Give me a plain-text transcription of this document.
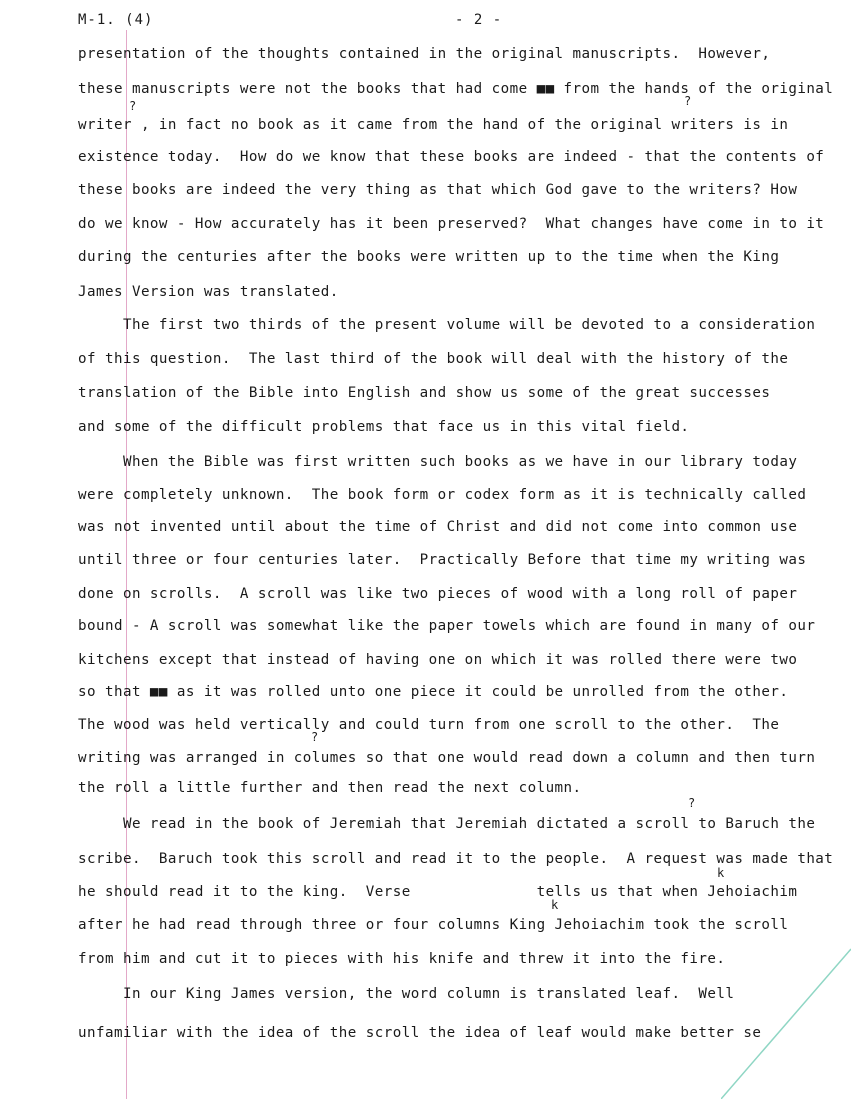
M-1. (4)	- 2 -
presentation of the thoughts contained in the original manuscripts.  However,
these manuscripts were not the books that had come ■■ from the hands of the original
writer , in fact no book as it came from the hand of the original writers is in
existence today.  How do we know that these books are indeed - that the contents of
these books are indeed the very thing as that which God gave to the writers? How
do we know - How accurately has it been preserved?  What changes have come in to it
during the centuries after the books were written up to the time when the King
James Version was translated.
The first two thirds of the present volume will be devoted to a consideration
of this question.  The last third of the book will deal with the history of the
translation of the Bible into English and show us some of the great successes
and some of the difficult problems that face us in this vital field.
When the Bible was first written such books as we have in our library today
were completely unknown.  The book form or codex form as it is technically called
was not invented until about the time of Christ and did not come into common use
until three or four centuries later.  Practically Before that time my writing was
done on scrolls.  A scroll was like two pieces of wood with a long roll of paper
bound - A scroll was somewhat like the paper towels which are found in many of our
kitchens except that instead of having one on which it was rolled there were two
so that ■■ as it was rolled unto one piece it could be unrolled from the other.
The wood was held vertically and could turn from one scroll to the other.  The
writing was arranged in columes so that one would read down a column and then turn
the roll a little further and then read the next column.
We read in the book of Jeremiah that Jeremiah dictated a scroll to Baruch the
scribe.  Baruch took this scroll and read it to the people.  A request was made that
he should read it to the king.  Verse              tells us that when Jehoiachim
after he had read through three or four columns King Jehoiachim took the scroll
from him and cut it to pieces with his knife and threw it into the fire.
In our King James version, the word column is translated leaf.  Well
unfamiliar with the idea of the scroll the idea of leaf would make better se
?	?
?
?
k
k
